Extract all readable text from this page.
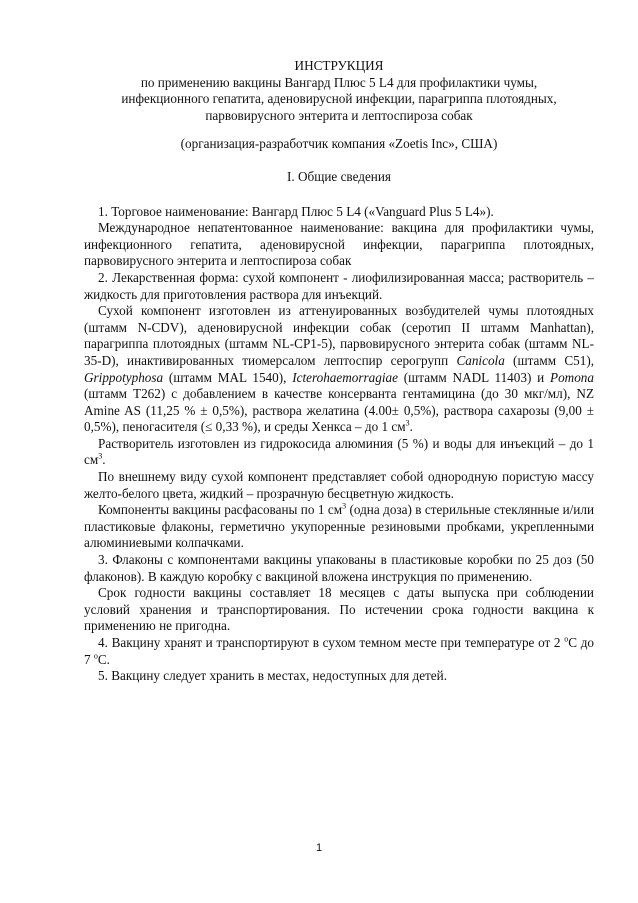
ИНСТРУКЦИЯ
по применению вакцины Вангард Плюс 5 L4 для профилактики чумы,
инфекционного гепатита, аденовирусной инфекции, парагриппа плотоядных,
парвовирусного энтерита и лептоспироза собак
(организация-разработчик компания «Zoetis Inc», США)
I. Общие сведения

1. Торговое наименование: Вангард Плюс 5 L4 («Vanguard Plus 5 L4»).

Международное непатентованное наименование: вакцина для профилактики чумы, инфекционного гепатита, аденовирусной инфекции, парагриппа плотоядных, парвовирусного энтерита и лептоспироза собак

2. Лекарственная форма: сухой компонент - лиофилизированная масса; растворитель – жидкость для приготовления раствора для инъекций.

Сухой компонент изготовлен из аттенуированных возбудителей чумы плотоядных (штамм N-CDV), аденовирусной инфекции собак (серотип II штамм Manhattan), парагриппа плотоядных (штамм NL-CP1-5), парвовирусного энтерита собак (штамм NL-35-D), инактивированных тиомерсалом лептоспир серогрупп Canicola (штамм C51), Grippotyphosa (штамм MAL 1540), Icterohaemorragiae (штамм NADL 11403) и Pomona (штамм T262) с добавлением в качестве консерванта гентамицина (до 30 мкг/мл), NZ Amine AS (11,25 % ± 0,5%), раствора желатина (4.00± 0,5%), раствора сахарозы (9,00 ± 0,5%), пеногасителя (≤ 0,33 %), и среды Хенкса – до 1 $см^3$.

Растворитель изготовлен из гидрокосида алюминия (5 %) и воды для инъекций – до 1 $см^3$.

По внешнему виду сухой компонент представляет собой однородную пористую массу желто-белого цвета, жидкий – прозрачную бесцветную жидкость.

Компоненты вакцины расфасованы по 1 $см^3$ (одна доза) в стерильные стеклянные и/или пластиковые флаконы, герметично укупоренные резиновыми пробками, укрепленными алюминиевыми колпачками.

3. Флаконы с компонентами вакцины упакованы в пластиковые коробки по 25 доз (50 флаконов). В каждую коробку с вакциной вложена инструкция по применению.

Срок годности вакцины составляет 18 месяцев с даты выпуска при соблюдении условий хранения и транспортирования. По истечении срока годности вакцина к применению не пригодна.

4. Вакцину хранят и транспортируют в сухом темном месте при температуре от 2 $^o$С до 7 $^o$С.

5. Вакцину следует хранить в местах, недоступных для детей.

1
